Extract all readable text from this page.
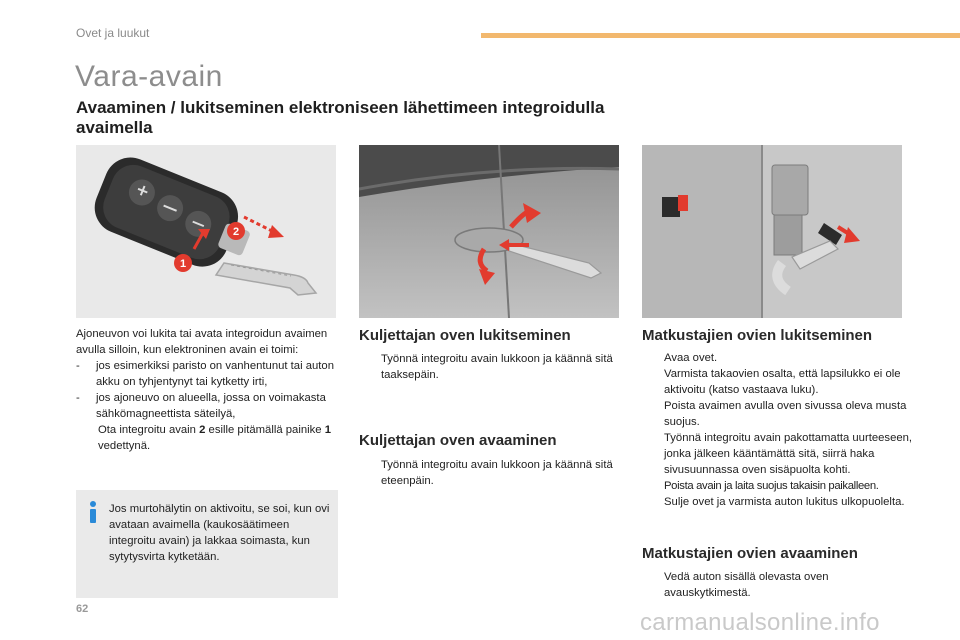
Ovet ja luukut
Vara-avain
Avaaminen / lukitseminen elektroniseen lähettimeen integroidulla avaimella
1
2

Ajoneuvon voi lukita tai avata integroidun avaimen avulla silloin, kun elektroninen avain ei toimi:

- jos esimerkiksi paristo on vanhentunut tai auton akku on tyhjentynyt tai kytketty irti,
- jos ajoneuvo on alueella, jossa on voimakasta sähkömagneettista säteilyä,
Ota integroitu avain 2 esille pitämällä painike 1 vedettynä.
Jos murtohälytin on aktivoitu, se soi, kun ovi avataan avaimella (kaukosäätimeen integroitu avain) ja lakkaa soimasta, kun sytytysvirta kytketään.
Kuljettajan oven lukitseminen
Työnnä integroitu avain lukkoon ja käännä sitä taaksepäin.
Kuljettajan oven avaaminen
Työnnä integroitu avain lukkoon ja käännä sitä eteenpäin.
Matkustajien ovien lukitseminen
Avaa ovet.
Varmista takaovien osalta, että lapsilukko ei ole aktivoitu (katso vastaava luku).
Poista avaimen avulla oven sivussa oleva musta suojus.
Työnnä integroitu avain pakottamatta uurteeseen, jonka jälkeen kääntämättä sitä, siirrä haka sivusuunnassa oven sisäpuolta kohti.
Poista avain ja laita suojus takaisin paikalleen.
Sulje ovet ja varmista auton lukitus ulkopuolelta.
Matkustajien ovien avaaminen
Vedä auton sisällä olevasta oven avauskytkimestä.
62	carmanualsonline.info
